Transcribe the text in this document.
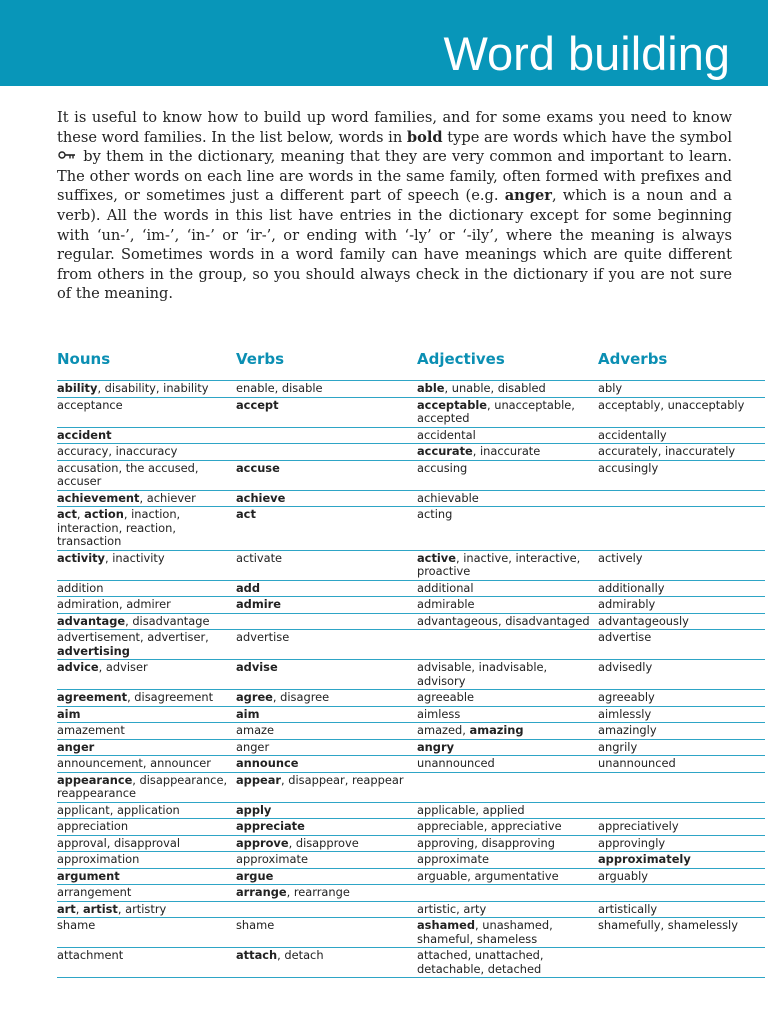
Word building

It is useful to know how to build up word families, and for some exams you need to know these word families. In the list below, words in bold type are words which have the symbol by them in the dictionary, meaning that they are very common and important to learn. The other words on each line are words in the same family, often formed with prefixes and suffixes, or sometimes just a different part of speech (e.g. anger, which is a noun and a verb). All the words in this list have entries in the dictionary except for some beginning with ‘un-’, ‘im-’, ‘in-’ or ‘ir-’, or ending with ‘-ly’ or ‘-ily’, where the meaning is always regular. Sometimes words in a word family can have meanings which are quite different from others in the group, so you should always check in the dictionary if you are not sure of the meaning.

Nouns	Verbs	Adjectives	Adverbs
ability, disability, inability	enable, disable	able, unable, disabled	ably

acceptance	accept	acceptable, unacceptable, accepted	acceptably, unacceptably

accident		accidental	accidentally

accuracy, inaccuracy		accurate, inaccurate	accurately, inaccurately

accusation, the accused, accuser	accuse	accusing	accusingly

achievement, achiever	achieve	achievable	

act, action, inaction, interaction, reaction, transaction	act	acting	

activity, inactivity	activate	active, inactive, interactive, proactive	actively

addition	add	additional	additionally

admiration, admirer	admire	admirable	admirably

advantage, disadvantage		advantageous, disadvantaged	advantageously

advertisement, advertiser, advertising	advertise		advertise

advice, adviser	advise	advisable, inadvisable, advisory	advisedly

agreement, disagreement	agree, disagree	agreeable	agreeably

aim	aim	aimless	aimlessly

amazement	amaze	amazed, amazing	amazingly

anger	anger	angry	angrily

announcement, announcer	announce	unannounced	unannounced

appearance, disappearance, reappearance	appear, disappear, reappear		

applicant, application	apply	applicable, applied	

appreciation	appreciate	appreciable, appreciative	appreciatively

approval, disapproval	approve, disapprove	approving, disapproving	approvingly

approximation	approximate	approximate	approximately

argument	argue	arguable, argumentative	arguably

arrangement	arrange, rearrange		

art, artist, artistry		artistic, arty	artistically

shame	shame	ashamed, unashamed, shameful, shameless	shamefully, shamelessly

attachment	attach, detach	attached, unattached, detachable, detached	
